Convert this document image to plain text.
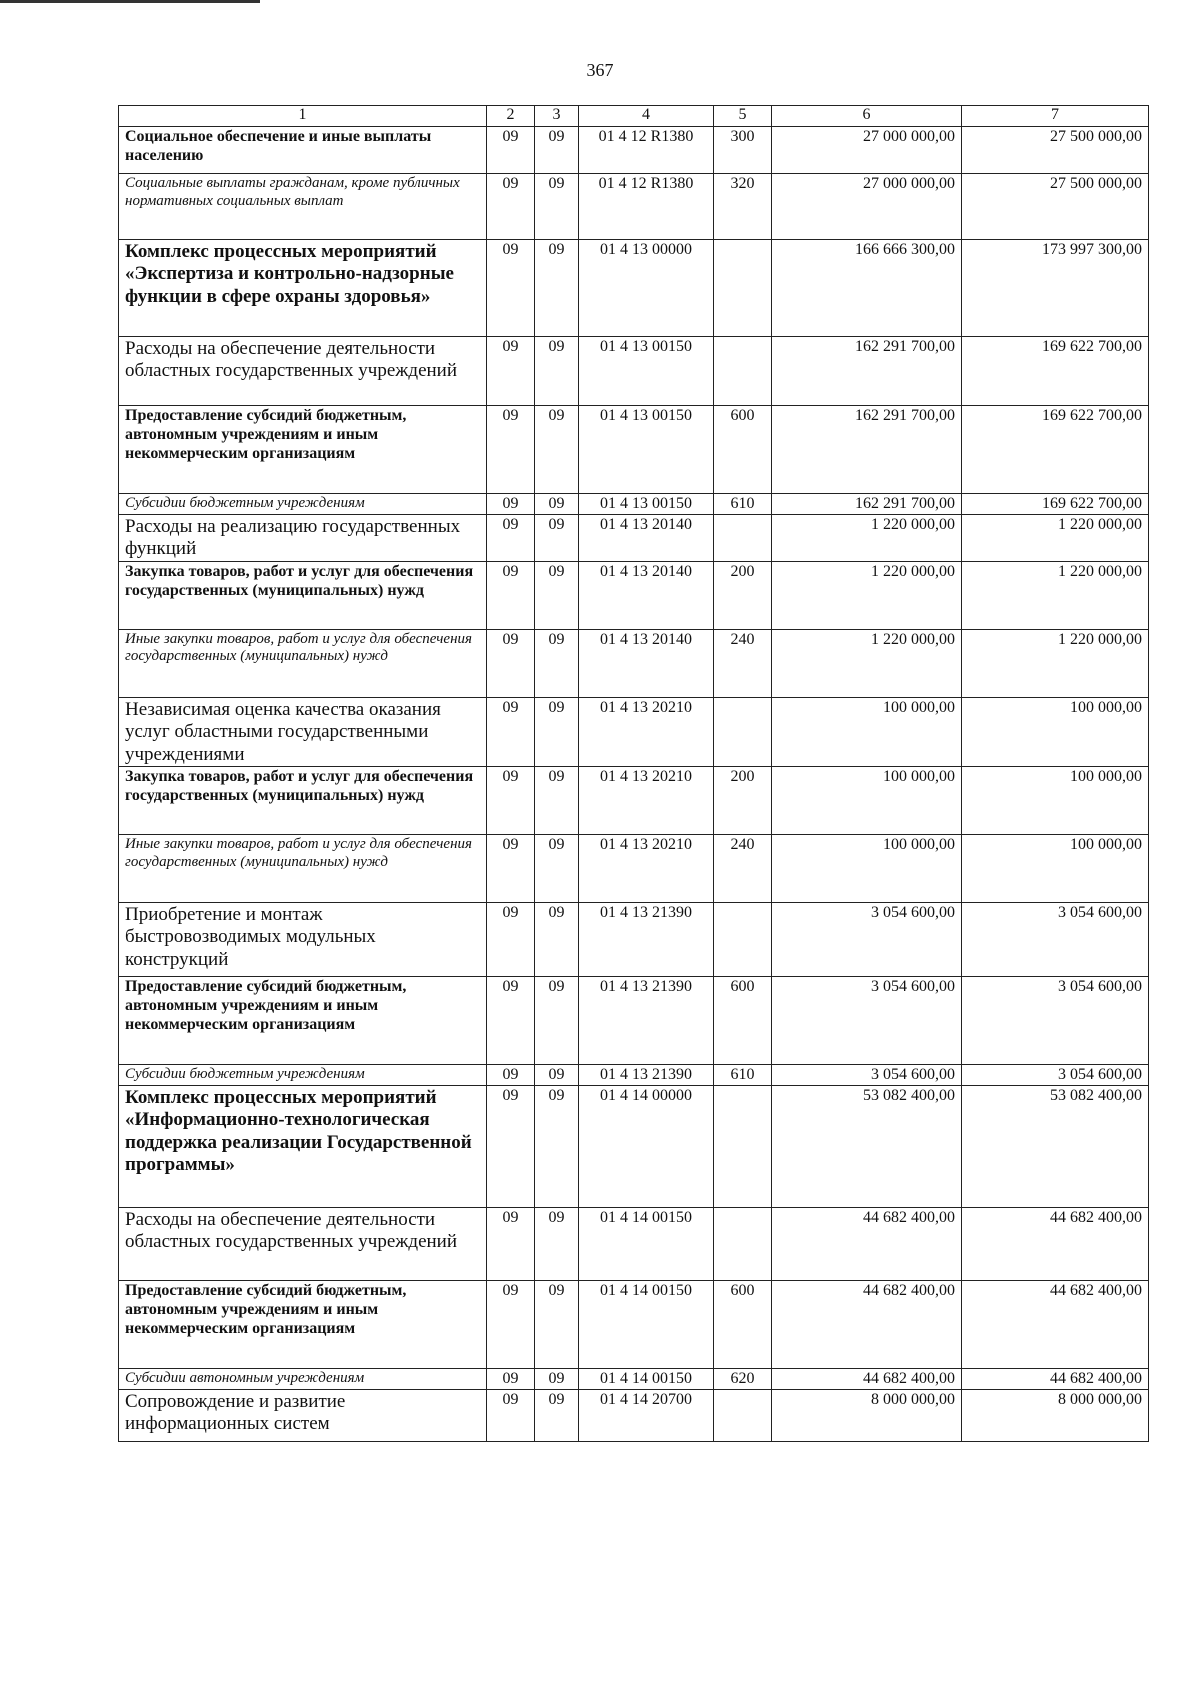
367
1	2	3	4	5	6	7
Социальное обеспечение и иные выплаты населению	09	09	01 4 12 R1380	300	27 000 000,00	27 500 000,00
Социальные выплаты гражданам, кроме публичных нормативных социальных выплат	09	09	01 4 12 R1380	320	27 000 000,00	27 500 000,00
Комплекс процессных мероприятий «Экспертиза и контрольно-надзорные функции в сфере охраны здоровья»	09	09	01 4 13 00000		166 666 300,00	173 997 300,00
Расходы на обеспечение деятельности областных государственных учреждений	09	09	01 4 13 00150		162 291 700,00	169 622 700,00
Предоставление субсидий бюджетным, автономным учреждениям и иным некоммерческим организациям	09	09	01 4 13 00150	600	162 291 700,00	169 622 700,00
Субсидии бюджетным учреждениям	09	09	01 4 13 00150	610	162 291 700,00	169 622 700,00
Расходы на реализацию государственных функций	09	09	01 4 13 20140		1 220 000,00	1 220 000,00
Закупка товаров, работ и услуг для обеспечения государственных (муниципальных) нужд	09	09	01 4 13 20140	200	1 220 000,00	1 220 000,00
Иные закупки товаров, работ и услуг для обеспечения государственных (муниципальных) нужд	09	09	01 4 13 20140	240	1 220 000,00	1 220 000,00
Независимая оценка качества оказания услуг областными государственными учреждениями	09	09	01 4 13 20210		100 000,00	100 000,00
Закупка товаров, работ и услуг для обеспечения государственных (муниципальных) нужд	09	09	01 4 13 20210	200	100 000,00	100 000,00
Иные закупки товаров, работ и услуг для обеспечения государственных (муниципальных) нужд	09	09	01 4 13 20210	240	100 000,00	100 000,00
Приобретение и монтаж быстровозводимых модульных конструкций	09	09	01 4 13 21390		3 054 600,00	3 054 600,00
Предоставление субсидий бюджетным, автономным учреждениям и иным некоммерческим организациям	09	09	01 4 13 21390	600	3 054 600,00	3 054 600,00
Субсидии бюджетным учреждениям	09	09	01 4 13 21390	610	3 054 600,00	3 054 600,00
Комплекс процессных мероприятий «Информационно-технологическая поддержка реализации Государственной программы»	09	09	01 4 14 00000		53 082 400,00	53 082 400,00
Расходы на обеспечение деятельности областных государственных учреждений	09	09	01 4 14 00150		44 682 400,00	44 682 400,00
Предоставление субсидий бюджетным, автономным учреждениям и иным некоммерческим организациям	09	09	01 4 14 00150	600	44 682 400,00	44 682 400,00
Субсидии автономным учреждениям	09	09	01 4 14 00150	620	44 682 400,00	44 682 400,00
Сопровождение и развитие информационных систем	09	09	01 4 14 20700		8 000 000,00	8 000 000,00
